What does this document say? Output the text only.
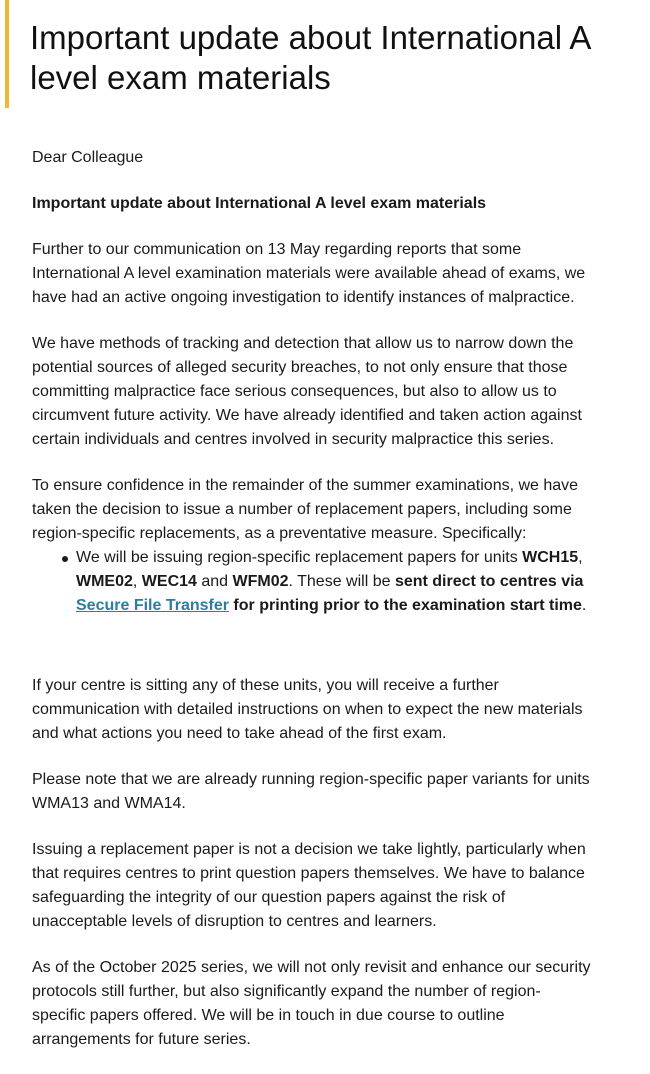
Important update about International A
level exam materials

Dear Colleague

Important update about International A level exam materials

Further to our communication on 13 May regarding reports that some
International A level examination materials were available ahead of exams, we
have had an active ongoing investigation to identify instances of malpractice.

We have methods of tracking and detection that allow us to narrow down the
potential sources of alleged security breaches, to not only ensure that those
committing malpractice face serious consequences, but also to allow us to
circumvent future activity. We have already identified and taken action against
certain individuals and centres involved in security malpractice this series.

To ensure confidence in the remainder of the summer examinations, we have
taken the decision to issue a number of replacement papers, including some
region-specific replacements, as a preventative measure. Specifically:

We will be issuing region-specific replacement papers for units WCH15,
WME02, WEC14 and WFM02. These will be sent direct to centres via
Secure File Transfer for printing prior to the examination start time.

If your centre is sitting any of these units, you will receive a further
communication with detailed instructions on when to expect the new materials
and what actions you need to take ahead of the first exam.

Please note that we are already running region-specific paper variants for units
WMA13 and WMA14.

Issuing a replacement paper is not a decision we take lightly, particularly when
that requires centres to print question papers themselves. We have to balance
safeguarding the integrity of our question papers against the risk of
unacceptable levels of disruption to centres and learners.

As of the October 2025 series, we will not only revisit and enhance our security
protocols still further, but also significantly expand the number of region-
specific papers offered. We will be in touch in due course to outline
arrangements for future series.
